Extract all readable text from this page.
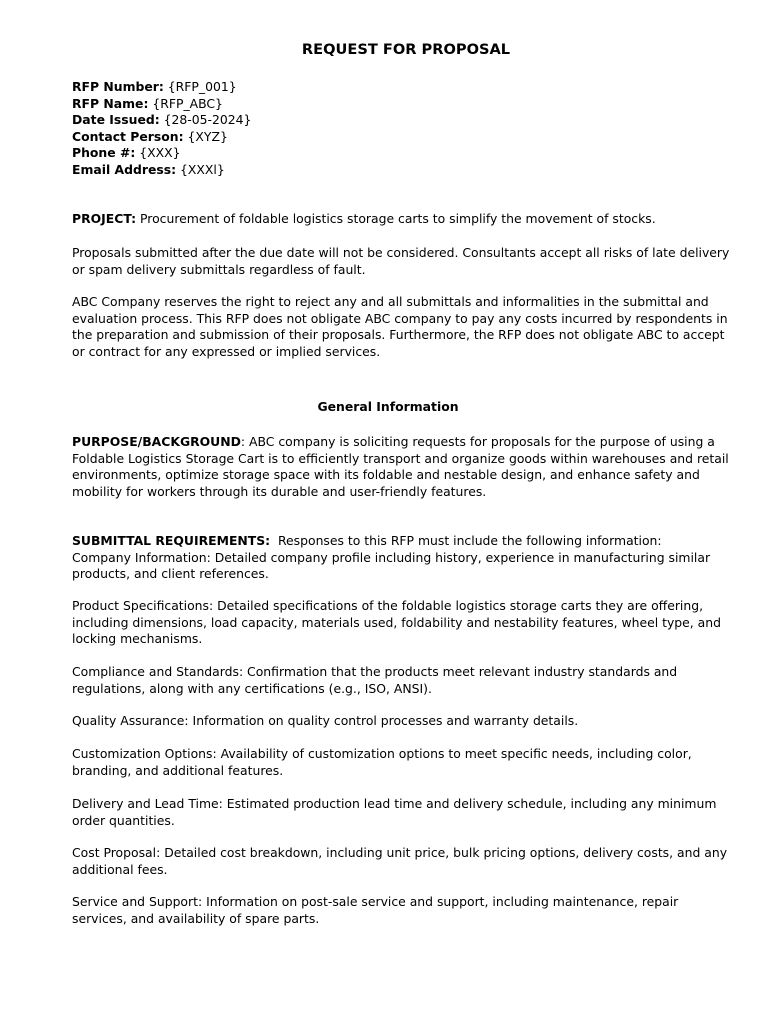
REQUEST FOR PROPOSAL
RFP Number: {RFP_001}
RFP Name: {RFP_ABC}
Date Issued: {28-05-2024}
Contact Person: {XYZ}
Phone #: {XXX}
Email Address: {XXXl}

PROJECT: Procurement of foldable logistics storage carts to simplify the movement of stocks.

Proposals submitted after the due date will not be considered. Consultants accept all risks of late delivery or spam delivery submittals regardless of fault.

ABC Company reserves the right to reject any and all submittals and informalities in the submittal and evaluation process. This RFP does not obligate ABC company to pay any costs incurred by respondents in the preparation and submission of their proposals. Furthermore, the RFP does not obligate ABC to accept or contract for any expressed or implied services.

General Information

PURPOSE/BACKGROUND: ABC company is soliciting requests for proposals for the purpose of using a Foldable Logistics Storage Cart is to efficiently transport and organize goods within warehouses and retail environments, optimize storage space with its foldable and nestable design, and enhance safety and mobility for workers through its durable and user-friendly features.

SUBMITTAL REQUIREMENTS:  Responses to this RFP must include the following information:
Company Information: Detailed company profile including history, experience in manufacturing similar products, and client references.

Product Specifications: Detailed specifications of the foldable logistics storage carts they are offering, including dimensions, load capacity, materials used, foldability and nestability features, wheel type, and locking mechanisms.

Compliance and Standards: Confirmation that the products meet relevant industry standards and regulations, along with any certifications (e.g., ISO, ANSI).

Quality Assurance: Information on quality control processes and warranty details.

Customization Options: Availability of customization options to meet specific needs, including color, branding, and additional features.

Delivery and Lead Time: Estimated production lead time and delivery schedule, including any minimum order quantities.

Cost Proposal: Detailed cost breakdown, including unit price, bulk pricing options, delivery costs, and any additional fees.

Service and Support: Information on post-sale service and support, including maintenance, repair services, and availability of spare parts.
